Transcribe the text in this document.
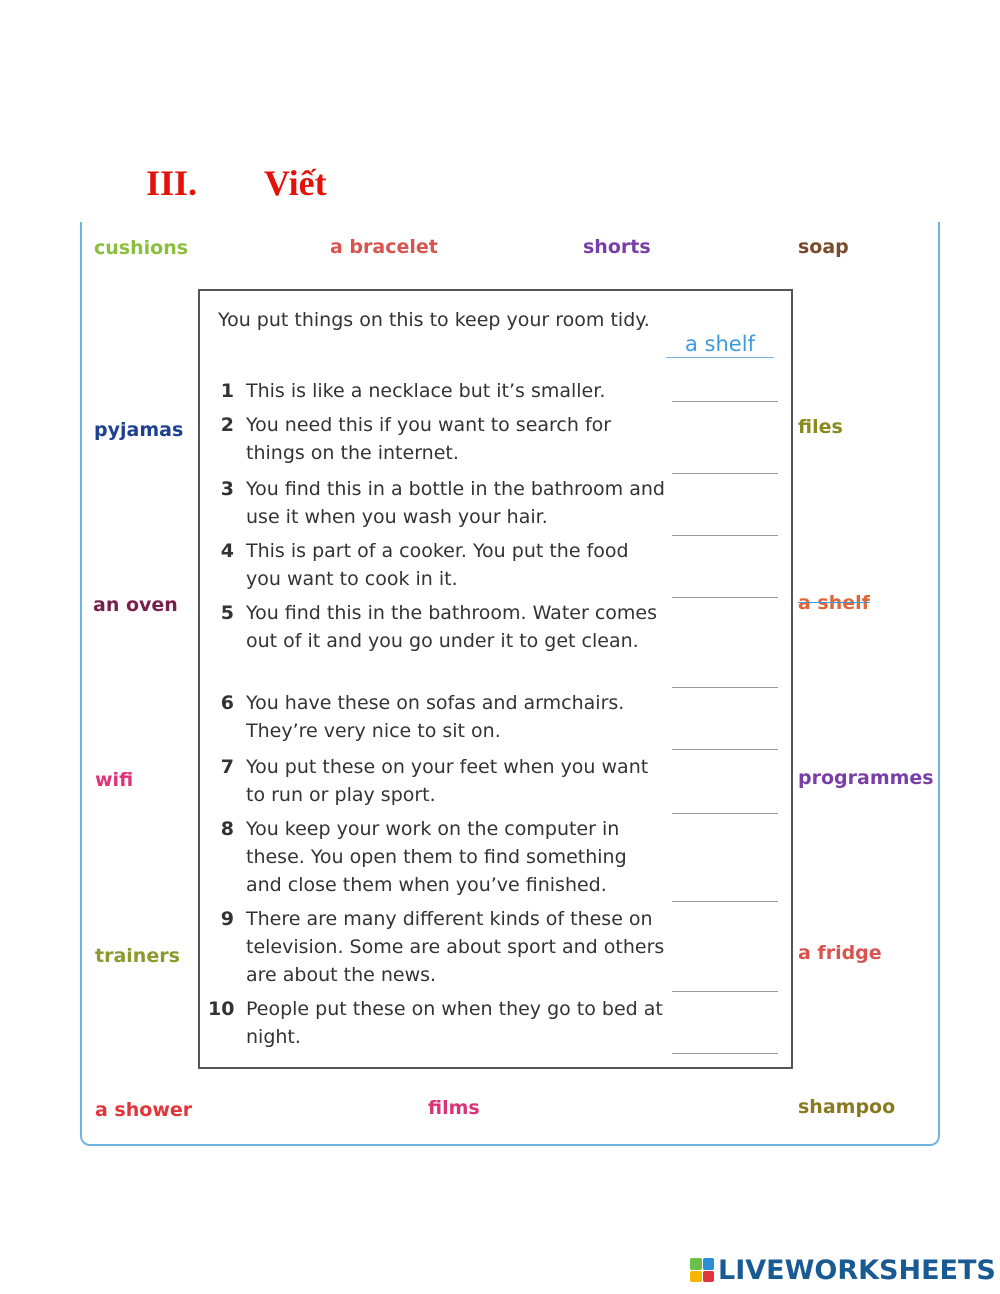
III. Viết
cushions	a bracelet	shorts	soap
pyjamas	files
an oven	a shelf
wifi	programmes
trainers	a fridge
a shower	films	shampoo
You put things on this to keep your room tidy.
a shelf
1 This is like a necklace but it’s smaller.
2 You need this if you want to search for things on the internet.
3 You find this in a bottle in the bathroom and use it when you wash your hair.
4 This is part of a cooker. You put the food you want to cook in it.
5 You find this in the bathroom. Water comes out of it and you go under it to get clean.
6 You have these on sofas and armchairs. They’re very nice to sit on.
7 You put these on your feet when you want to run or play sport.
8 You keep your work on the computer in these. You open them to find something and close them when you’ve finished.
9 There are many different kinds of these on television. Some are about sport and others are about the news.
10 People put these on when they go to bed at night.
LIVEWORKSHEETS
